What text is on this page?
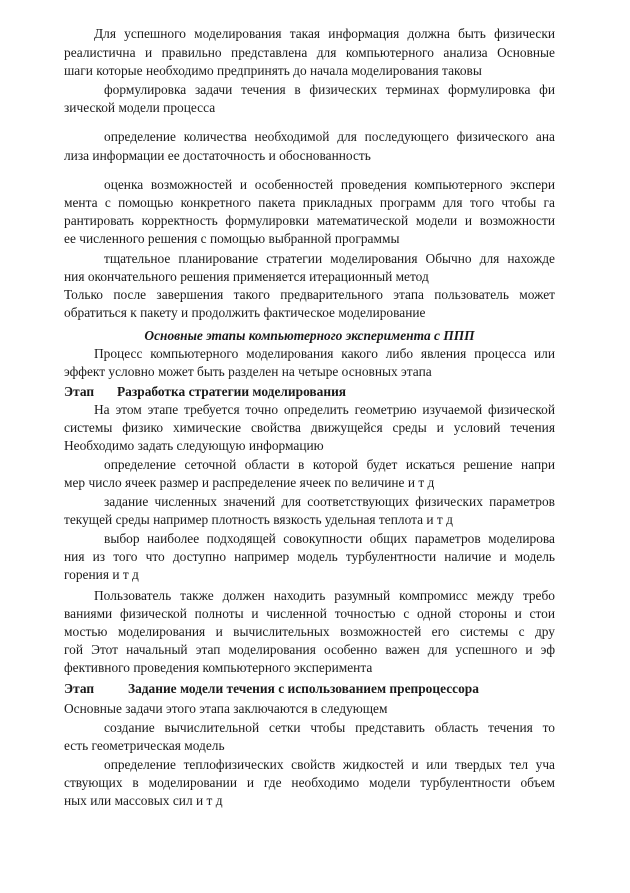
Для успешного моделирования такая информация должна быть физически
реалистична и правильно представлена для компьютерного анализа Основные
шаги которые необходимо предпринять до начала моделирования таковы
формулировка задачи течения в физических терминах формулировка фи
зической модели процесса
определение количества необходимой для последующего физического ана
лиза информации ее достаточность и обоснованность
оценка возможностей и особенностей проведения компьютерного экспери
мента с помощью конкретного пакета прикладных программ для того чтобы га
рантировать корректность формулировки математической модели и возможности
ее численного решения с помощью выбранной программы
тщательное планирование стратегии моделирования Обычно для нахожде
ния окончательного решения применяется итерационный метод
Только после завершения такого предварительного этапа пользователь может
обратиться к пакету и продолжить фактическое моделирование
Основные этапы компьютерного эксперимента с ППП
Процесс компьютерного моделирования какого либо явления процесса или
эффект условно может быть разделен на четыре основных этапа
Этап Разработка стратегии моделирования
На этом этапе требуется точно определить геометрию изучаемой физической
системы физико химические свойства движущейся среды и условий течения
Необходимо задать следующую информацию
определение сеточной области в которой будет искаться решение напри
мер число ячеек размер и распределение ячеек по величине и т д
задание численных значений для соответствующих физических параметров
текущей среды например плотность вязкость удельная теплота и т д
выбор наиболее подходящей совокупности общих параметров моделирова
ния из того что доступно например модель турбулентности наличие и модель
горения и т д
Пользователь также должен находить разумный компромисс между требо
ваниями физической полноты и численной точностью с одной стороны и стои
мостью моделирования и вычислительных возможностей его системы с дру
гой Этот начальный этап моделирования особенно важен для успешного и эф
фективного проведения компьютерного эксперимента
Этап	Задание модели течения с использованием препроцессора
Основные задачи этого этапа заключаются в следующем
создание вычислительной сетки чтобы представить область течения то
есть геометрическая модель
определение теплофизических свойств жидкостей и или твердых тел уча
ствующих в моделировании и где необходимо модели турбулентности объем
ных или массовых сил и т д
